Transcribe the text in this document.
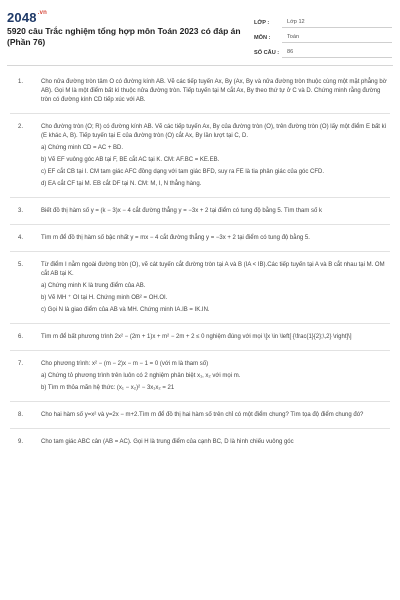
$2048^{.vn}$
5920 câu Trắc nghiệm tổng hợp môn Toán 2023 có đáp án
(Phần 76)
LỚP :	Lớp 12
MÔN :	Toán
SỐ CÂU :	86
1.	Cho nửa đường tròn tâm O có đường kính AB. Vẽ các tiếp tuyến Ax, By (Ax, By và nửa đường tròn thuộc cùng một mặt phẳng bờ AB). Gọi M là một điểm bất kì thuộc nửa đường tròn. Tiếp tuyến tại M cắt Ax, By theo thứ tự ở C và D. Chứng minh rằng đường tròn có đường kính CD tiếp xúc với AB.
2.	Cho đường tròn (O; R) có đường kính AB. Vẽ các tiếp tuyến Ax, By của đường tròn (O), trên đường tròn (O) lấy một điểm E bất kì (E khác A, B). Tiếp tuyến tại E của đường tròn (O) cắt Ax, By lần lượt tại C, D.
a) Chứng minh CD = AC + BD.
b) Vẽ EF vuông góc AB tại F, BE cắt AC tại K. CM: AF.BC = KE.EB.
c) EF cắt CB tại I. CM tam giác AFC đồng dạng với tam giác BFD, suy ra FE là tia phân giác của góc CFD.
d) EA cắt CF tại M. EB cắt DF tại N. CM: M, I, N thẳng hàng.
3.	Biết đồ thị hàm số y = (k − 3)x − 4 cắt đường thẳng y = −3x + 2 tại điểm có tung độ bằng 5. Tìm tham số k
4.	Tìm m để đồ thị hàm số bậc nhất y = mx − 4 cắt đường thẳng y = −3x + 2 tại điểm có tung độ bằng 5.
5.	Từ điểm I nằm ngoài đường tròn (O), vẽ cát tuyến cắt đường tròn tại A và B (IA < IB).Các tiếp tuyến tại A và B cắt nhau tại M. OM cắt AB tại K.
a) Chứng minh K là trung điểm của AB.
b) Vẽ MH ⁺ OI tại H. Chứng minh OB² = OH.OI.
c) Gọi N là giao điểm của AB và MH. Chứng minh IA.IB = IK.IN.
6.	Tìm m để bất phương trình 2x² − (2m + 1)x + m² − 2m + 2 ≤ 0 nghiệm đúng với mọi \[x \in \left[ {\frac{1}{2};\,2} \right]\]
7.	Cho phương trình: x² − (m − 2)x − m − 1 = 0 (với m là tham số)
a) Chứng tỏ phương trình trên luôn có 2 nghiệm phân biệt x₁, x₂ với mọi m.
b) Tìm m thỏa mãn hệ thức: (x₁ − x₂)² − 3x₁x₂ = 21
8.	Cho hai hàm số y=x² và y=2x − m+2.Tìm m để đồ thị hai hàm số trên chỉ có một điểm chung? Tìm tọa độ điểm chung đó?
9.	Cho tam giác ABC cân (AB = AC). Gọi H là trung điểm của cạnh BC, D là hình chiếu vuông góc
